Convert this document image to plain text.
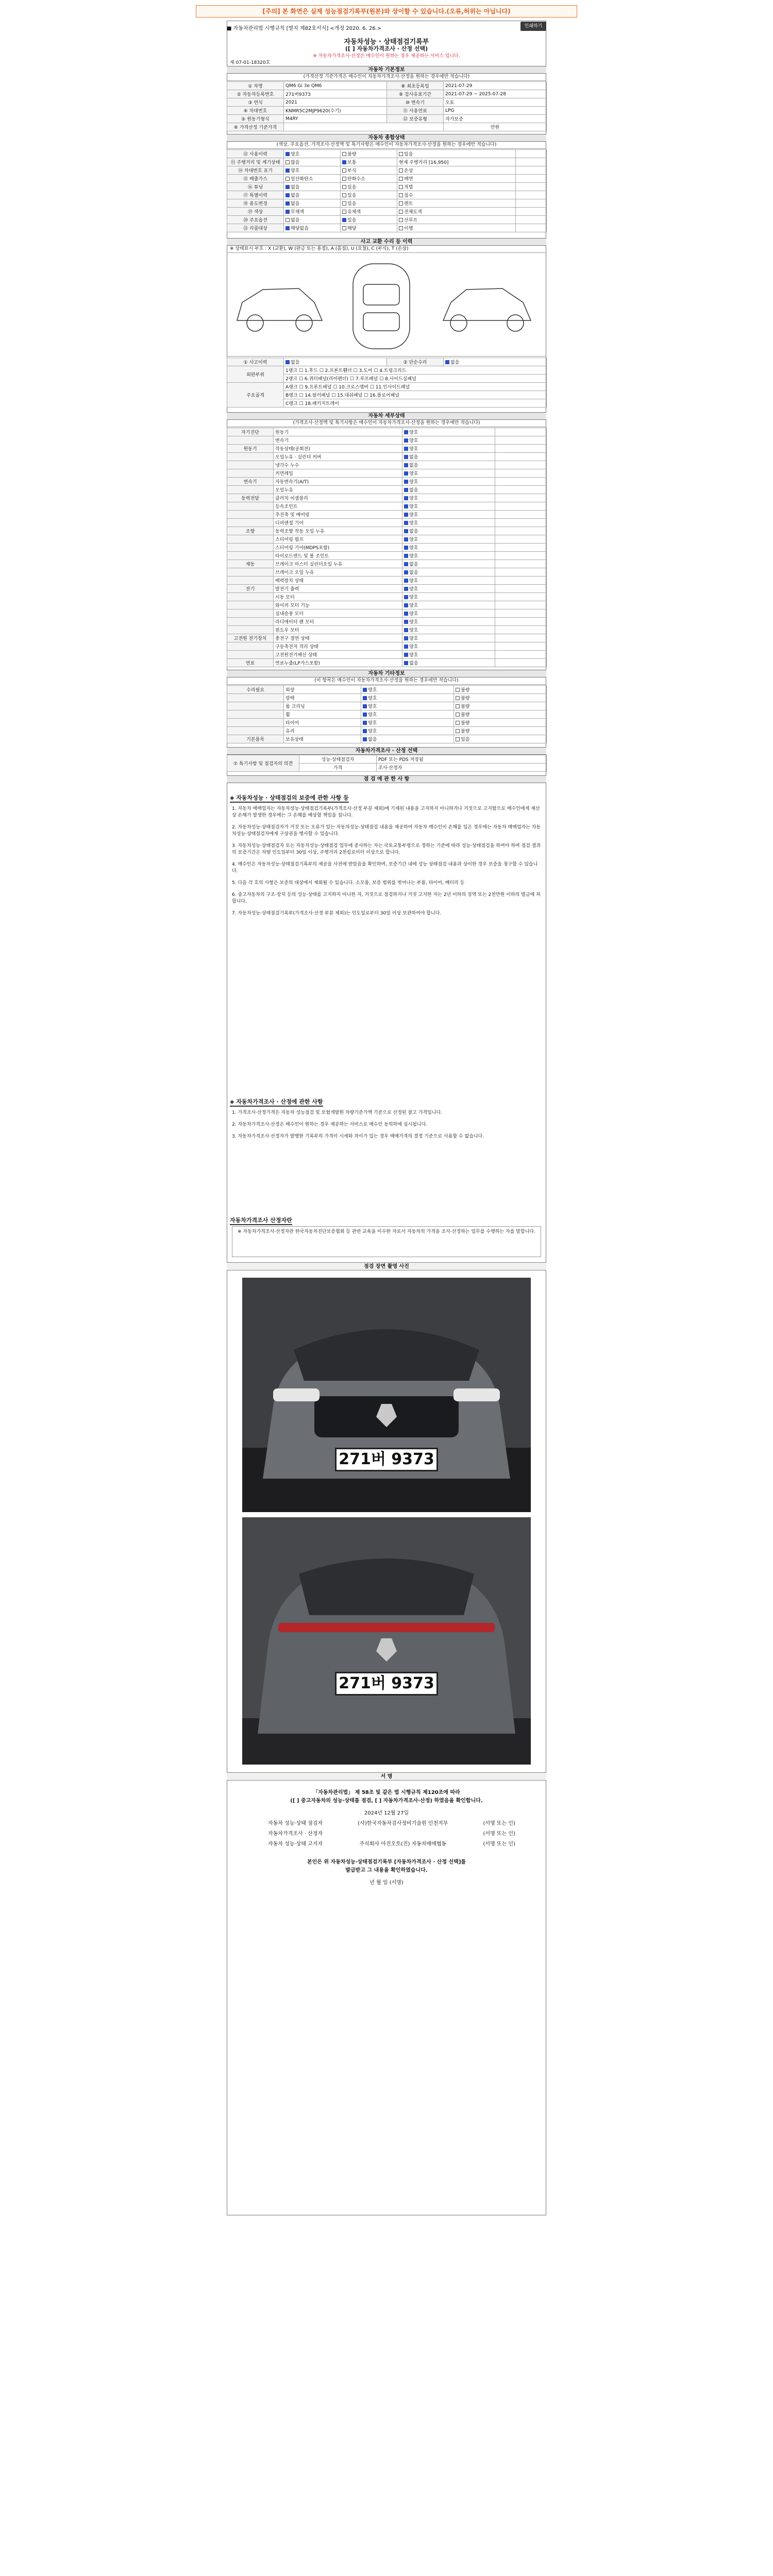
[주의] 본 화면은 실제 성능점검기록부(원본)와 상이할 수 있습니다.(오류,허위는 아닙니다)
■ 자동차관리법 시행규칙 [별지 제82호서식] <개정 2020. 6. 26.>	인쇄하기
자동차성능 · 상태점검기록부
([ ] 자동차가격조사 · 산정 선택)
※ 자동차가격조사·산정은 매수인이 원하는 경우 제공하는 서비스 입니다.
제 07-01-18320호
자동차 기본정보
(가격산정 기준가격은 매수인이 자동차가격조사·산정을 원하는 경우에만 적습니다)
① 차명	QM6 Gi 3e QM6	⑧ 최초등록일	2021-07-29
② 자동차등록번호	271버9373	⑨ 검사유효기간	2021-07-29 ~ 2025-07-28
③ 연식	2021	⑩ 변속기	오토
④ 차대번호	KNMR5C2MJP9620(수기)	⑪ 사용연료	LPG
⑤ 원동기형식	M4RY	⑫ 보증유형	자가보증
⑥ 가격산정 기준가격			만원
자동차 종합상태
(색상, 주요옵션, 가격조사·산정액 및 특기사항은 매수인이 자동차가격조사·산정을 원하는 경우에만 적습니다)
⑫ 사용이력	양호	불량	있음	
⑬ 주행거리 및 계기상태	많음	보통	현재 주행거리 [16,950]	
⑭ 차대번호 표기	양호	부식	손상	
⑮ 배출가스	일산화탄소	탄화수소	매연	
⑯ 튜닝	없음	있음	적법	
⑰ 특별이력	없음	있음	침수	
⑱ 용도변경	없음	있음	렌트	
⑲ 색상	무채색	유채색	전체도색	
⑳ 주요옵션	없음	있음	선루프	
㉑ 리콜대상	해당없음	해당	이행	
사고 교환 수리 등 이력
※ 상태표시 부호 : X (교환), W (판금 또는 용접), A (흠집), U (요철), C (부식), T (손상)
① 사고이력	없음	② 단순수리	없음
외판부위	1랭크 ☐ 1.후드 ☐ 2.프론트휀더 ☐ 3.도어 ☐ 4.트렁크리드		
	2랭크 ☐ 6.쿼터패널(리어펜더) ☐ 7.루프패널 ☐ 8.사이드실패널		
주요골격	A랭크 ☐ 9.프론트패널 ☐ 10.크로스멤버 ☐ 11.인사이드패널		
	B랭크 ☐ 14.필러패널 ☐ 15.대쉬패널 ☐ 16.플로어패널		
	C랭크 ☐ 18.패키지트레이		
자동차 세부상태
(가격조사·산정액 및 특기사항은 매수인이 자동차가격조사·산정을 원하는 경우에만 적습니다)
자기진단	원동기	양호	
	변속기	양호	
원동기	작동상태(공회전)	양호	
	오일누유 · 실린더 커버	없음	
	냉각수 누수	없음	
	커먼레일	양호	
변속기	자동변속기(A/T)	양호	
	오일누유	없음	
동력전달	클러치 어셈블리	양호	
	등속조인트	양호	
	추진축 및 베어링	양호	
	디퍼렌셜 기어	양호	
조향	동력조향 작동 오일 누유	없음	
	스티어링 펌프	양호	
	스티어링 기어(MDPS포함)	양호	
	타이로드엔드 및 볼 조인트	양호	
제동	브레이크 마스터 실린더오일 누유	없음	
	브레이크 오일 누유	없음	
	배력장치 상태	양호	
전기	발전기 출력	양호	
	시동 모터	양호	
	와이퍼 모터 기능	양호	
	실내송풍 모터	양호	
	라디에이터 팬 모터	양호	
	윈도우 모터	양호	
고전원 전기장치	충전구 절연 상태	양호	
	구동축전지 격리 상태	양호	
	고전원전기배선 상태	양호	
연료	연료누출(LP가스포함)	없음	
자동차 기타정보
(이 항목은 매수인이 자동차가격조사·산정을 원하는 경우에만 적습니다)
수리필요	외장	양호	불량
	광택	양호	불량
	룸 크리닝	양호	불량
	휠	양호	불량
	타이어	양호	불량
	유리	양호	불량
기본품목	보유상태	없음	있음
자동차가격조사 · 산정 선택
⑦ 특기사항 및 점검자의 의견	성능·상태점검자	PDF 또는 PDS 저장됨
	가격	조사·산정자
점 검 에 관 한 사 항
◈ 자동차성능 · 상태점검의 보증에 관한 사항 등

1. 자동차 매매업자는 자동차성능·상태점검기록부(가격조사·산정 부분 제외)에 기재된 내용을 고지하지 아니하거나 거짓으로 고지함으로 매수인에게 재산상 손해가 발생한 경우에는 그 손해를 배상할 책임을 집니다.

2. 자동차성능·상태점검자가 거짓 또는 오류가 있는 자동차성능·상태점검 내용을 제공하여 자동차 매수인이 손해를 입은 경우에는 자동차 매매업자는 자동차성능·상태점검자에게 구상권을 행사할 수 있습니다.

3. 자동차성능·상태점검자 또는 자동차성능·상태점검 업무에 종사하는 자는 국토교통부령으로 정하는 기준에 따라 성능·상태점검을 하여야 하며 점검 결과의 보증기간은 차량 인도일부터 30일 이상, 주행거리 2천킬로미터 이상으로 합니다.

4. 매수인은 자동차성능·상태점검기록부의 제공을 사전에 받았음을 확인하며, 보증기간 내에 성능 상태점검 내용과 상이한 경우 보증을 청구할 수 있습니다.

5. 다음 각 호의 사항은 보증의 대상에서 제외될 수 있습니다. 소모품, 보증 범위를 벗어나는 부품, 타이어, 배터리 등

6. 중고자동차의 구조·장치 등의 성능·상태를 고지하지 아니한 자, 거짓으로 점검하거나 거짓 고지한 자는 2년 이하의 징역 또는 2천만원 이하의 벌금에 처합니다.

7. 자동차성능·상태점검기록부(가격조사·산정 부분 제외)는 인도일로부터 30일 이상 보관하여야 합니다.

◈ 자동차가격조사 · 산정에 관한 사항

1. 가격조사·산정가격은 자동차 성능점검 및 보험개발원 차량기준가액 기준으로 산정된 참고 가격입니다.

2. 자동차가격조사·산정은 매수인이 원하는 경우 제공하는 서비스로 매수인 동의하에 실시됩니다.

3. 자동차가격조사·산정자가 발행한 기록부의 가격이 시세와 차이가 있는 경우 매매가격의 결정 기준으로 사용할 수 없습니다.

자동차가격조사 산정자란
※ 자동차가격조사·산정자란 한국자동차진단보증협회 등 관련 교육을 이수한 자로서 자동차의 가격을 조사·산정하는 업무를 수행하는 자를 말합니다.
점검 장면 촬영 사진
271버 9373
271버 9373
서 명
「자동차관리법」 제 58조 및 같은 법 시행규칙 제120조에 따라
([ ] 중고자동차의 성능·상태를 점검, [ ] 자동차가격조사·산정) 하였음을 확인합니다.
2024년 12월 27일
자동차 성능·상태 점검자	(사)한국자동차검사정비기술원 인천지부	(서명 또는 인)
자동차가격조사 · 산정자	(서명 또는 인)
자동차 성능·상태 고지자	주식회사 아진오토(진) 자동차매매협동	(서명 또는 인)
본인은 위 자동차성능·상태점검기록부 [자동차가격조사 · 산정 선택]를
발급받고 그 내용을 확인하였습니다.
년 월 일 (서명)
